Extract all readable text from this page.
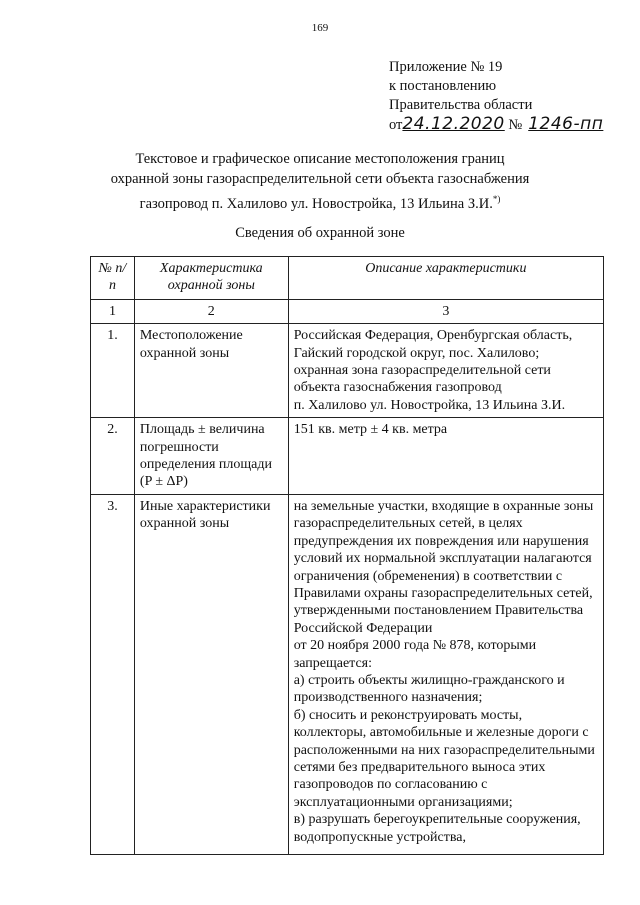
169
Приложение № 19
к постановлению
Правительства области
от24.12.2020 № 1246-пп
Текстовое и графическое описание местоположения границ
охранной зоны газораспределительной сети объекта газоснабжения
газопровод п. Халилово ул. Новостройка, 13 Ильина З.И.*)
Сведения об охранной зоне
№ п/п	Характеристика охранной зоны	Описание характеристики
1	2	3
1.	Местоположение охранной зоны	Российская Федерация, Оренбургская область, Гайский городской округ, пос. Халилово;

охранная зона газораспределительной сети объекта газоснабжения газопровод

п. Халилово ул. Новостройка, 13 Ильина З.И.

2.	Площадь ± величина погрешности определения площади (P ± ΔP)	151 кв. метр ± 4 кв. метра

3.	Иные характеристики охранной зоны	на земельные участки, входящие в охранные зоны газораспределительных сетей, в целях предупреждения их повреждения или нарушения условий их нормальной эксплуатации налагаются ограничения (обременения) в соответствии с Правилами охраны газораспределительных сетей, утвержденными постановлением Правительства Российской Федерации

от 20 ноября 2000 года № 878, которыми запрещается:

а) строить объекты жилищно-гражданского и производственного назначения;

б) сносить и реконструировать мосты, коллекторы, автомобильные и железные дороги с расположенными на них газораспределительными сетями без предварительного выноса этих газопроводов по согласованию с эксплуатационными организациями;

в) разрушать берегоукрепительные сооружения, водопропускные устройства,
